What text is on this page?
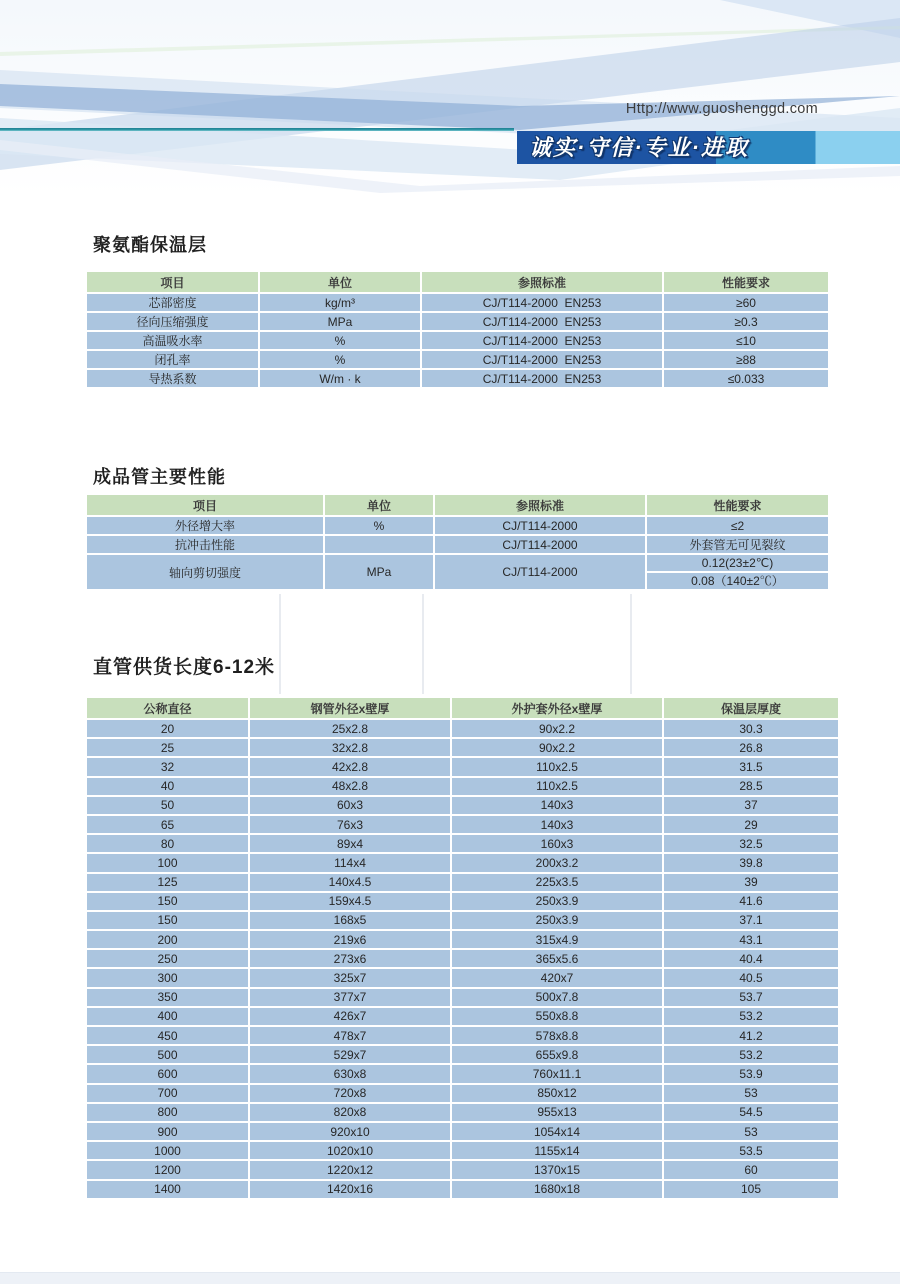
Http://www.guoshenggd.com
诚实·守信·专业·进取
聚氨酯保温层
成品管主要性能
直管供货长度6-12米
项目	单位	参照标准	性能要求
芯部密度	kg/m³	CJ/T114-2000  EN253	≥60
径向压缩强度	MPa	CJ/T114-2000  EN253	≥0.3
高温吸水率	%	CJ/T114-2000  EN253	≤10
闭孔率	%	CJ/T114-2000  EN253	≥88
导热系数	W/m · k	CJ/T114-2000  EN253	≤0.033
项目	单位	参照标准	性能要求
外径增大率	%	CJ/T114-2000	≤2
抗冲击性能		CJ/T114-2000	外套管无可见裂纹
轴向剪切强度	MPa	CJ/T114-2000	0.12(23±2℃)
0.08（140±2℃）
公称直径	钢管外径x壁厚	外护套外径x壁厚	保温层厚度
20	25x2.8	90x2.2	30.3
25	32x2.8	90x2.2	26.8
32	42x2.8	110x2.5	31.5
40	48x2.8	110x2.5	28.5
50	60x3	140x3	37
65	76x3	140x3	29
80	89x4	160x3	32.5
100	114x4	200x3.2	39.8
125	140x4.5	225x3.5	39
150	159x4.5	250x3.9	41.6
150	168x5	250x3.9	37.1
200	219x6	315x4.9	43.1
250	273x6	365x5.6	40.4
300	325x7	420x7	40.5
350	377x7	500x7.8	53.7
400	426x7	550x8.8	53.2
450	478x7	578x8.8	41.2
500	529x7	655x9.8	53.2
600	630x8	760x11.1	53.9
700	720x8	850x12	53
800	820x8	955x13	54.5
900	920x10	1054x14	53
1000	1020x10	1155x14	53.5
1200	1220x12	1370x15	60
1400	1420x16	1680x18	105
